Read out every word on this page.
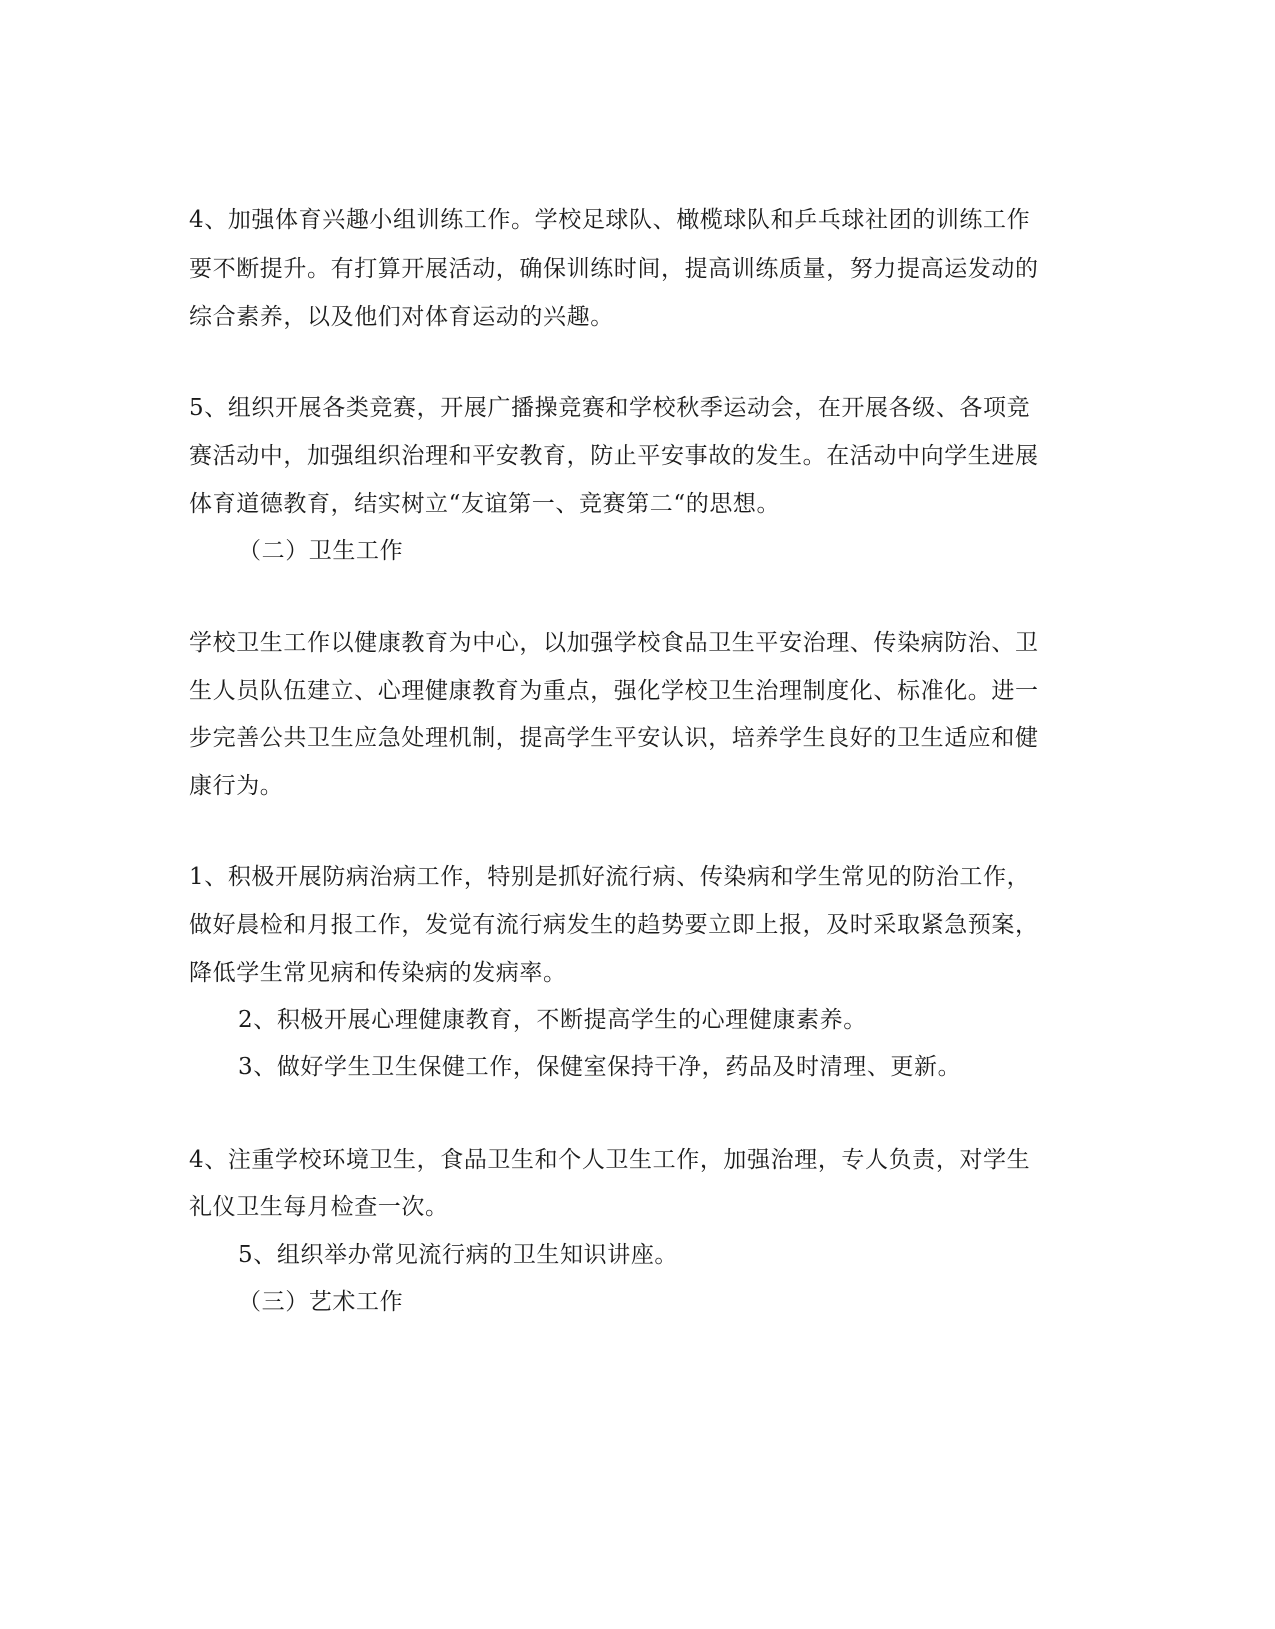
4、加强体育兴趣小组训练工作。学校足球队、橄榄球队和乒乓球社团的训练工作
要不断提升。有打算开展活动，确保训练时间，提高训练质量，努力提高运发动的
综合素养，以及他们对体育运动的兴趣。
5、组织开展各类竞赛，开展广播操竞赛和学校秋季运动会，在开展各级、各项竞
赛活动中，加强组织治理和平安教育，防止平安事故的发生。在活动中向学生进展
体育道德教育，结实树立“友谊第一、竞赛第二“的思想。
（二）卫生工作
学校卫生工作以健康教育为中心，以加强学校食品卫生平安治理、传染病防治、卫
生人员队伍建立、心理健康教育为重点，强化学校卫生治理制度化、标准化。进一
步完善公共卫生应急处理机制，提高学生平安认识，培养学生良好的卫生适应和健
康行为。
1、积极开展防病治病工作，特别是抓好流行病、传染病和学生常见的防治工作，
做好晨检和月报工作，发觉有流行病发生的趋势要立即上报，及时采取紧急预案，
降低学生常见病和传染病的发病率。
2、积极开展心理健康教育，不断提高学生的心理健康素养。
3、做好学生卫生保健工作，保健室保持干净，药品及时清理、更新。
4、注重学校环境卫生，食品卫生和个人卫生工作，加强治理，专人负责，对学生
礼仪卫生每月检查一次。
5、组织举办常见流行病的卫生知识讲座。
（三）艺术工作
